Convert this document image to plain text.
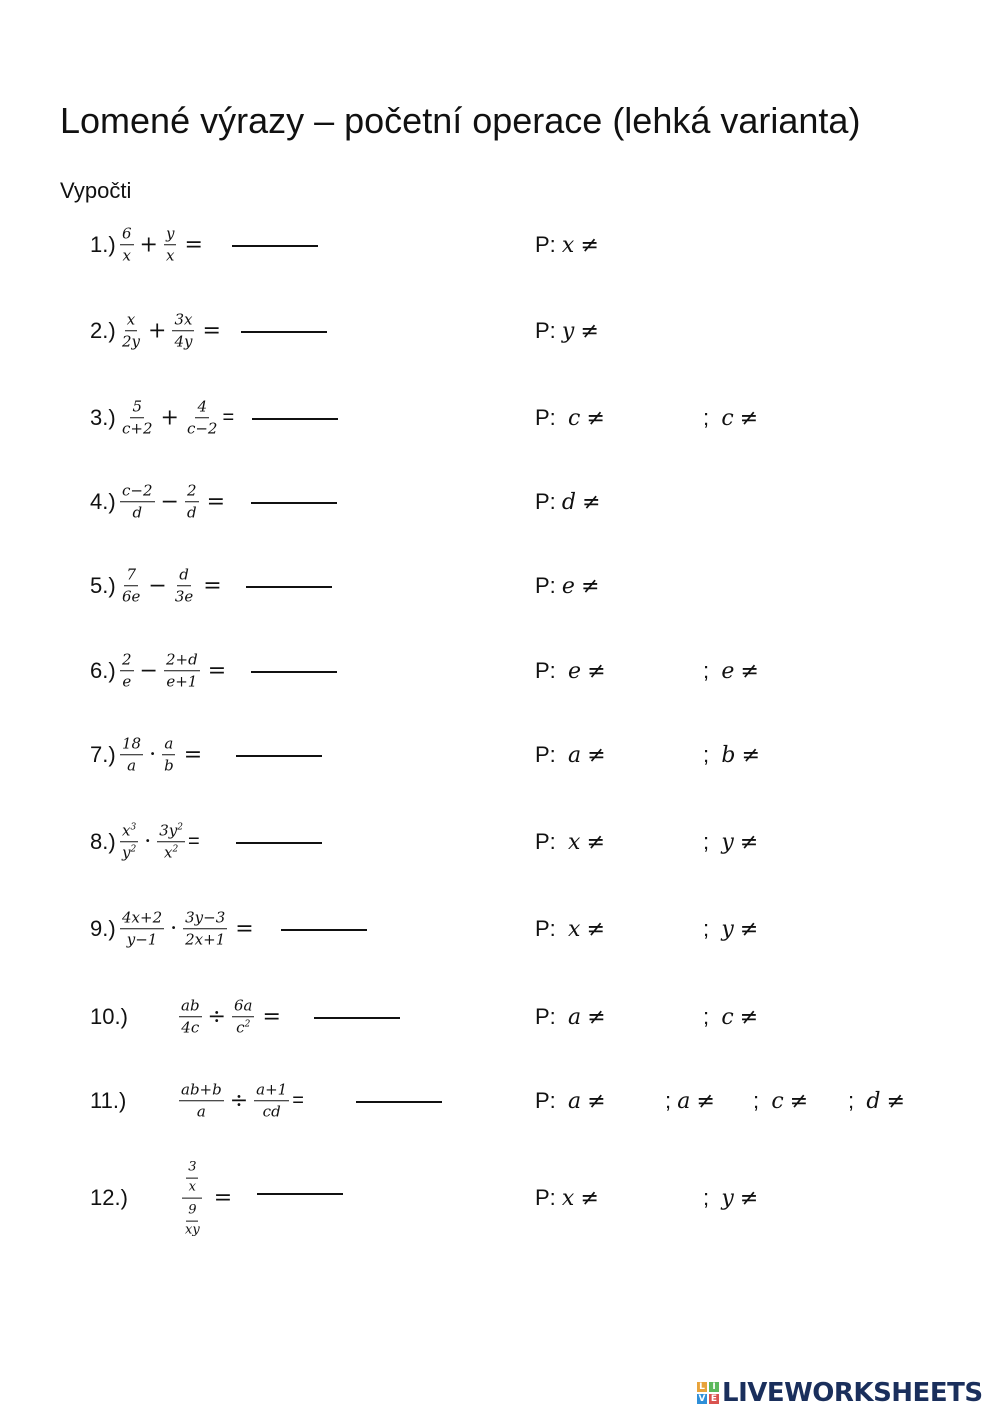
Lomené výrazy – početní operace (lehká varianta)
Vypočti
$1.) \frac{6}{x} + \frac{y}{x}$ =	P: x ≠
$2.) \frac{x}{2y} + \frac{3x}{4y}$ =	P: y ≠
$3.) \frac{5}{c+2} + \frac{4}{c-2}$ =	P: c ≠	;  c ≠
$4.) \frac{c-2}{d} - \frac{2}{d}$ =	P: d ≠
$5.) \frac{7}{6e} - \frac{d}{3e}$ =	P: e ≠
$6.) \frac{2}{e} - \frac{2+d}{e+1}$ =	P: e ≠	;  e ≠
$7.) \frac{18}{a} \cdot \frac{a}{b}$ =	P: a ≠	;  b ≠
$8.) \frac{x^3}{y^2} \cdot \frac{3y^2}{x^2}$ =	P: x ≠	;  y ≠
$9.) \frac{4x+2}{y-1} \cdot \frac{3y-3}{2x+1}$ =	P: x ≠	;  y ≠
10.)	$\frac{ab}{4c} \div \frac{6a}{c^2}$ =	P: a ≠	;  c ≠
11.)	$\frac{ab+b}{a} \div \frac{a+1}{cd}$ =	P: a ≠	; a ≠ ;  c ≠ ;  d ≠
12.)	$\frac{\frac{3}{x}}{\frac{9}{xy}}$ =	P: x ≠	;  y ≠
L I
V E LIVEWORKSHEETS
